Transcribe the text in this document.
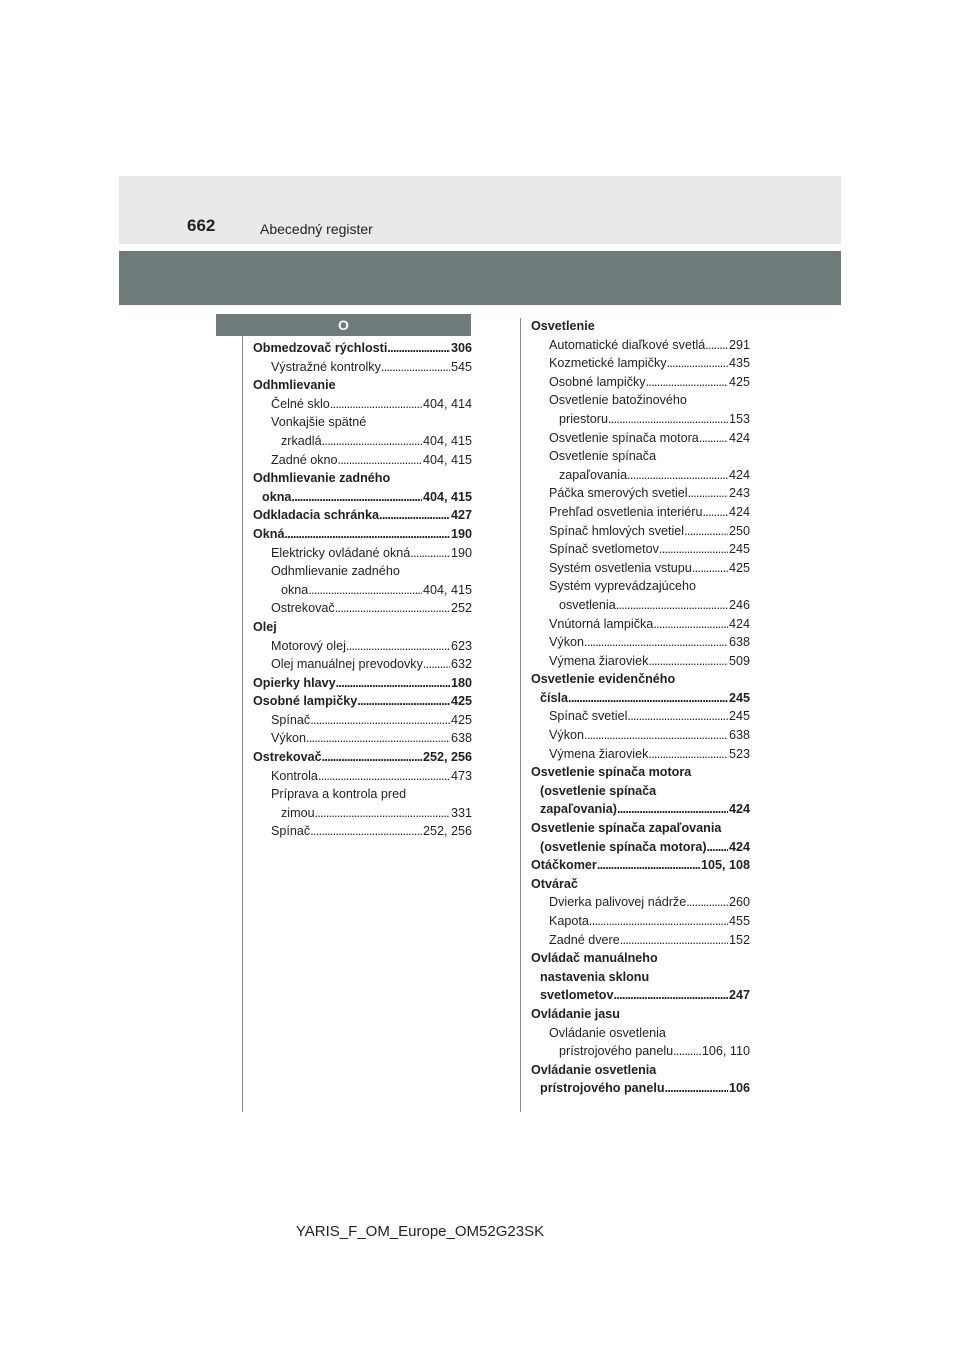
662	Abecedný register
O
Obmedzovač rýchlosti . . .	306
Výstražné kontrolky . . .	545
Odhmlievanie
Čelné sklo . . .	404, 414
Vonkajšie spätné
zrkadlá . . .	404, 415
Zadné okno . . .	404, 415
Odhmlievanie zadného
okna . . .	404, 415
Odkladacia schránka . . .	427
Okná . . .	190
Elektricky ovládané okná . . .	190
Odhmlievanie zadného
okna . . .	404, 415
Ostrekovač . . .	252
Olej
Motorový olej . . .	623
Olej manuálnej prevodovky . . . 632
Opierky hlavy . . .	180
Osobné lampičky . . .	425
Spínač . . .	425
Výkon . . .	638
Ostrekovač . . .	252, 256
Kontrola . . .	473
Príprava a kontrola pred
zimou . . .	331
Spínač . . .	252, 256
Osvetlenie
Automatické diaľkové svetlá . . . 291
Kozmetické lampičky . . .	435
Osobné lampičky . . .	425
Osvetlenie batožinového
priestoru . . .	153
Osvetlenie spínača motora . . . 424
Osvetlenie spínača
zapaľovania . . .	424
Páčka smerových svetiel . . .	243
Prehľad osvetlenia interiéru . . . 424
Spínač hmlových svetiel . . .	250
Spínač svetlometov . . .	245
Systém osvetlenia vstupu . . .	425
Systém vyprevádzajúceho
osvetlenia . . .	246
Vnútorná lampička . . .	424
Výkon . . .	638
Výmena žiaroviek . . .	509
Osvetlenie evidenčného
čísla . . .	245
Spínač svetiel . . .	245
Výkon . . .	638
Výmena žiaroviek . . .	523
Osvetlenie spínača motora
(osvetlenie spínača
zapaľovania) . . .	424
Osvetlenie spínača zapaľovania
(osvetlenie spínača motora) . . . 424
Otáčkomer . . .	105, 108
Otvárač
Dvierka palivovej nádrže . . .	260
Kapota . . .	455
Zadné dvere . . .	152
Ovládač manuálneho
nastavenia sklonu
svetlometov . . .	247
Ovládanie jasu
Ovládanie osvetlenia
prístrojového panelu . . . 106, 110
Ovládanie osvetlenia
prístrojového panelu . . .	106
YARIS_F_OM_Europe_OM52G23SK
